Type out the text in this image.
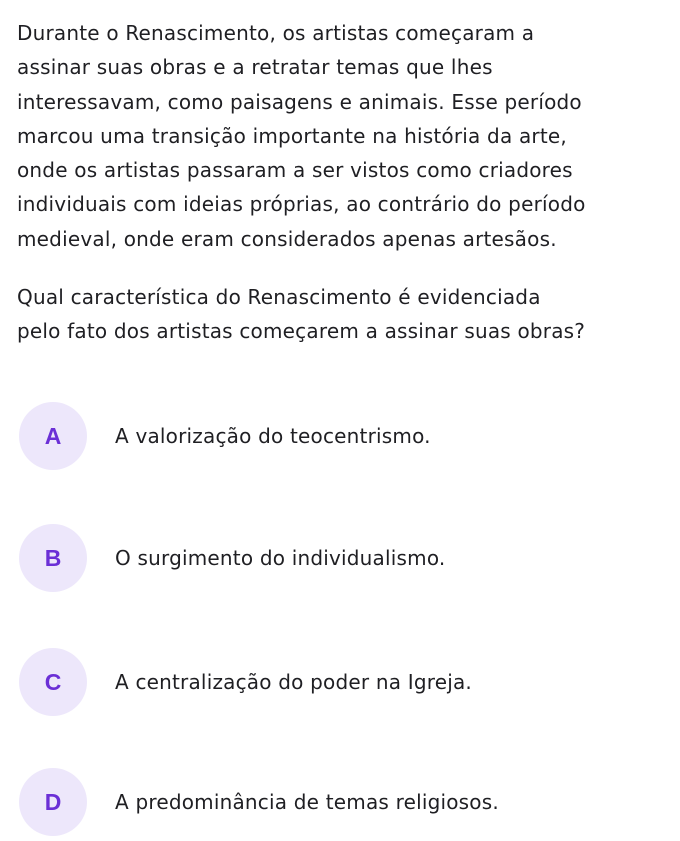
Durante o Renascimento, os artistas começaram a
assinar suas obras e a retratar temas que lhes
interessavam, como paisagens e animais. Esse período
marcou uma transição importante na história da arte,
onde os artistas passaram a ser vistos como criadores
individuais com ideias próprias, ao contrário do período
medieval, onde eram considerados apenas artesãos.

Qual característica do Renascimento é evidenciada
pelo fato dos artistas começarem a assinar suas obras?

A	A valorização do teocentrismo.
B	O surgimento do individualismo.
C	A centralização do poder na Igreja.
D	A predominância de temas religiosos.
